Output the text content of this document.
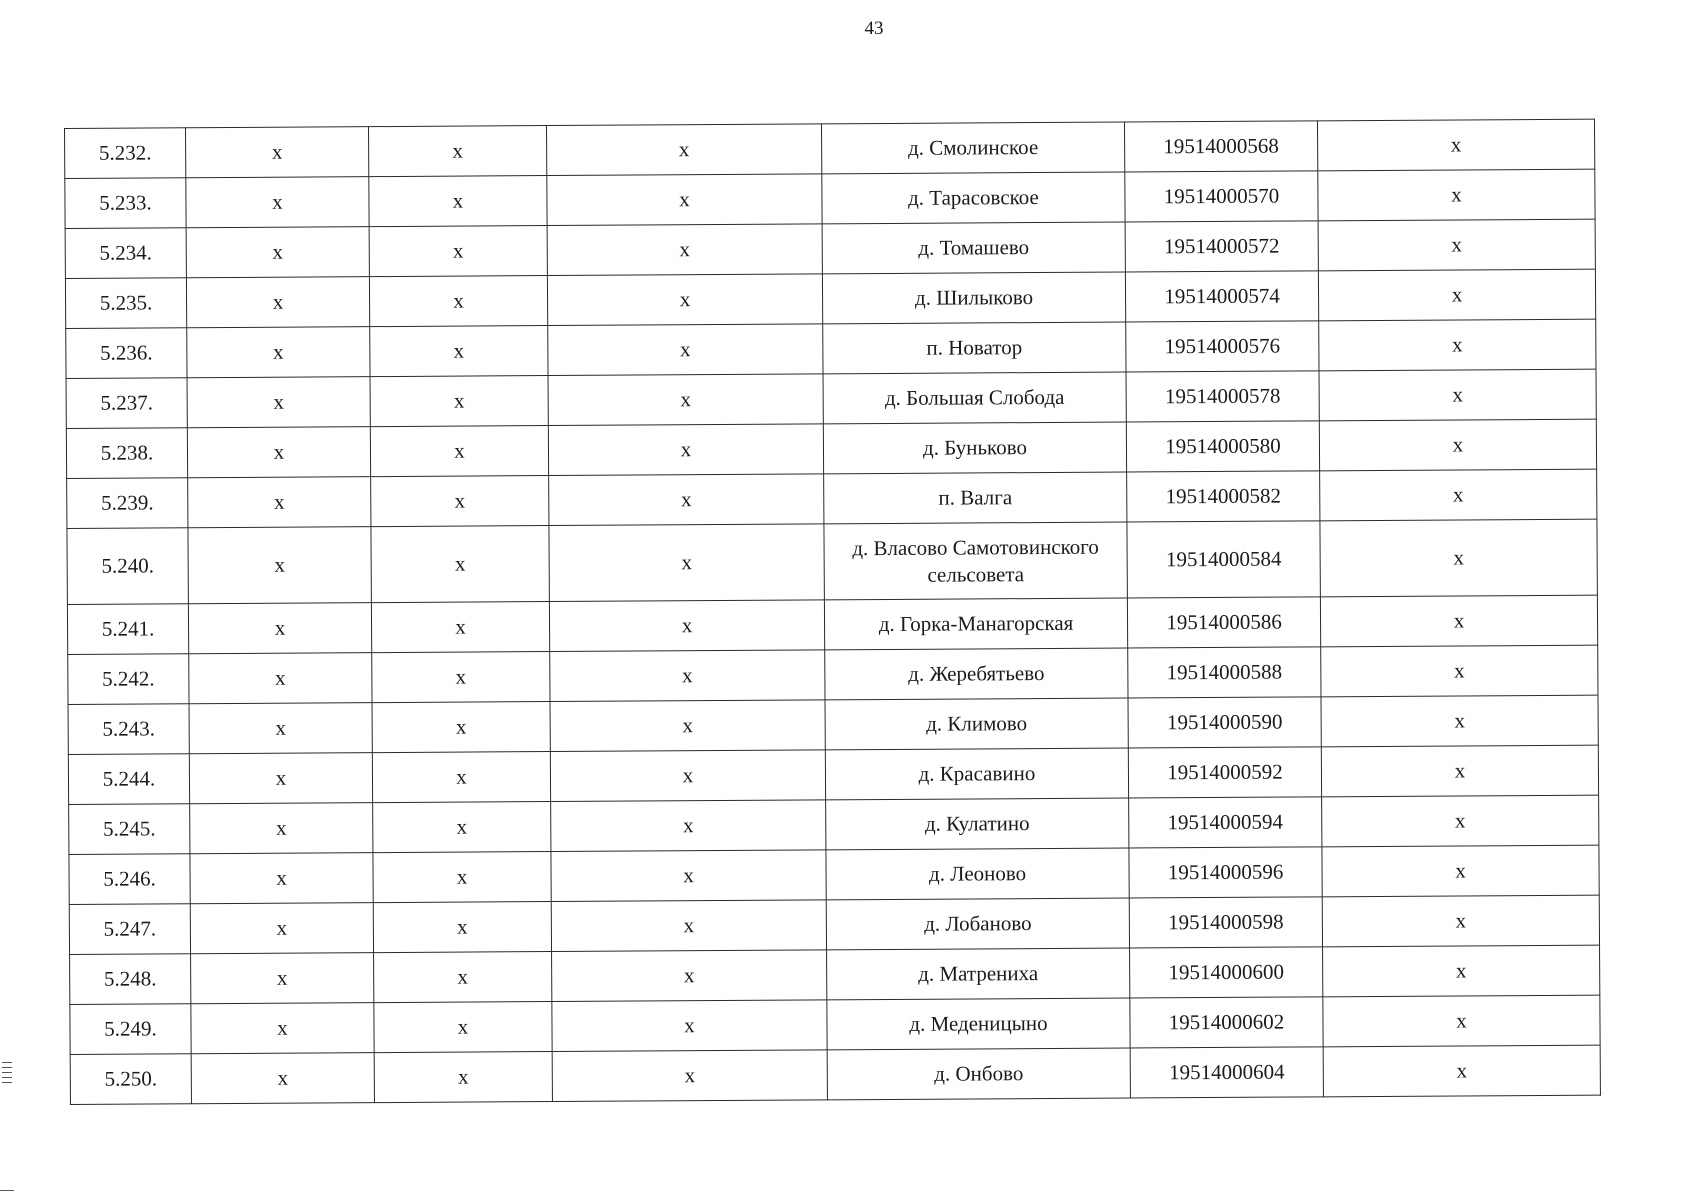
43
5.232.	x	x	x	д. Смолинское	19514000568	x
5.233.	x	x	x	д. Тарасовское	19514000570	x
5.234.	x	x	x	д. Томашево	19514000572	x
5.235.	x	x	x	д. Шилыково	19514000574	x
5.236.	x	x	x	п. Новатор	19514000576	x
5.237.	x	x	x	д. Большая Слобода	19514000578	x
5.238.	x	x	x	д. Буньково	19514000580	x
5.239.	x	x	x	п. Валга	19514000582	x
5.240.	x	x	x	д. Власово Самотовинского сельсовета	19514000584	x
5.241.	x	x	x	д. Горка-Манагорская	19514000586	x
5.242.	x	x	x	д. Жеребятьево	19514000588	x
5.243.	x	x	x	д. Климово	19514000590	x
5.244.	x	x	x	д. Красавино	19514000592	x
5.245.	x	x	x	д. Кулатино	19514000594	x
5.246.	x	x	x	д. Леоново	19514000596	x
5.247.	x	x	x	д. Лобаново	19514000598	x
5.248.	x	x	x	д. Матрениха	19514000600	x
5.249.	x	x	x	д. Меденицыно	19514000602	x
5.250.	x	x	x	д. Онбово	19514000604	x
